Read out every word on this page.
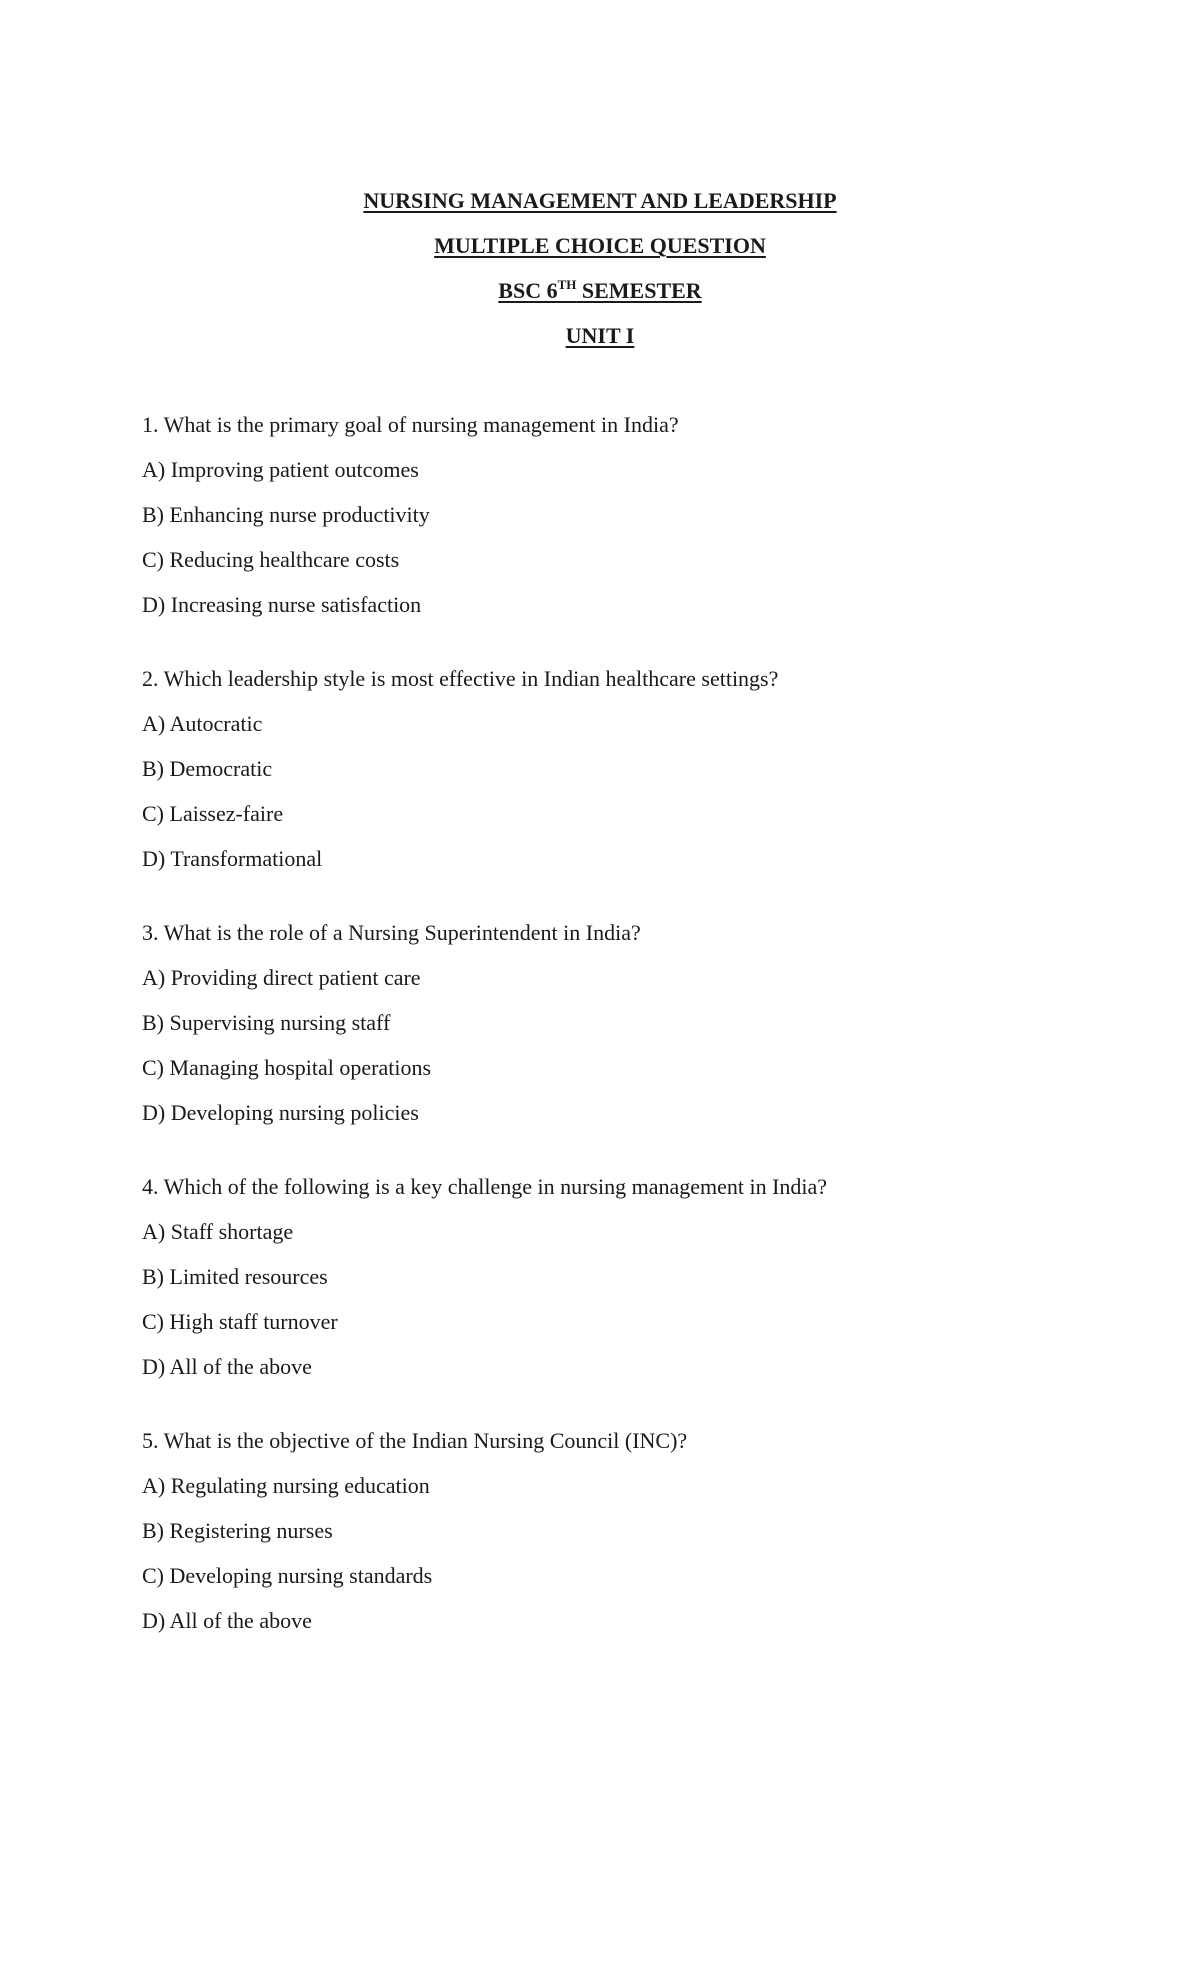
NURSING MANAGEMENT AND LEADERSHIP
MULTIPLE CHOICE QUESTION
BSC 6TH SEMESTER
UNIT I
1. What is the primary goal of nursing management in India?
A) Improving patient outcomes
B) Enhancing nurse productivity
C) Reducing healthcare costs
D) Increasing nurse satisfaction
2. Which leadership style is most effective in Indian healthcare settings?
A) Autocratic
B) Democratic
C) Laissez-faire
D) Transformational
3. What is the role of a Nursing Superintendent in India?
A) Providing direct patient care
B) Supervising nursing staff
C) Managing hospital operations
D) Developing nursing policies
4. Which of the following is a key challenge in nursing management in India?
A) Staff shortage
B) Limited resources
C) High staff turnover
D) All of the above
5. What is the objective of the Indian Nursing Council (INC)?
A) Regulating nursing education
B) Registering nurses
C) Developing nursing standards
D) All of the above
